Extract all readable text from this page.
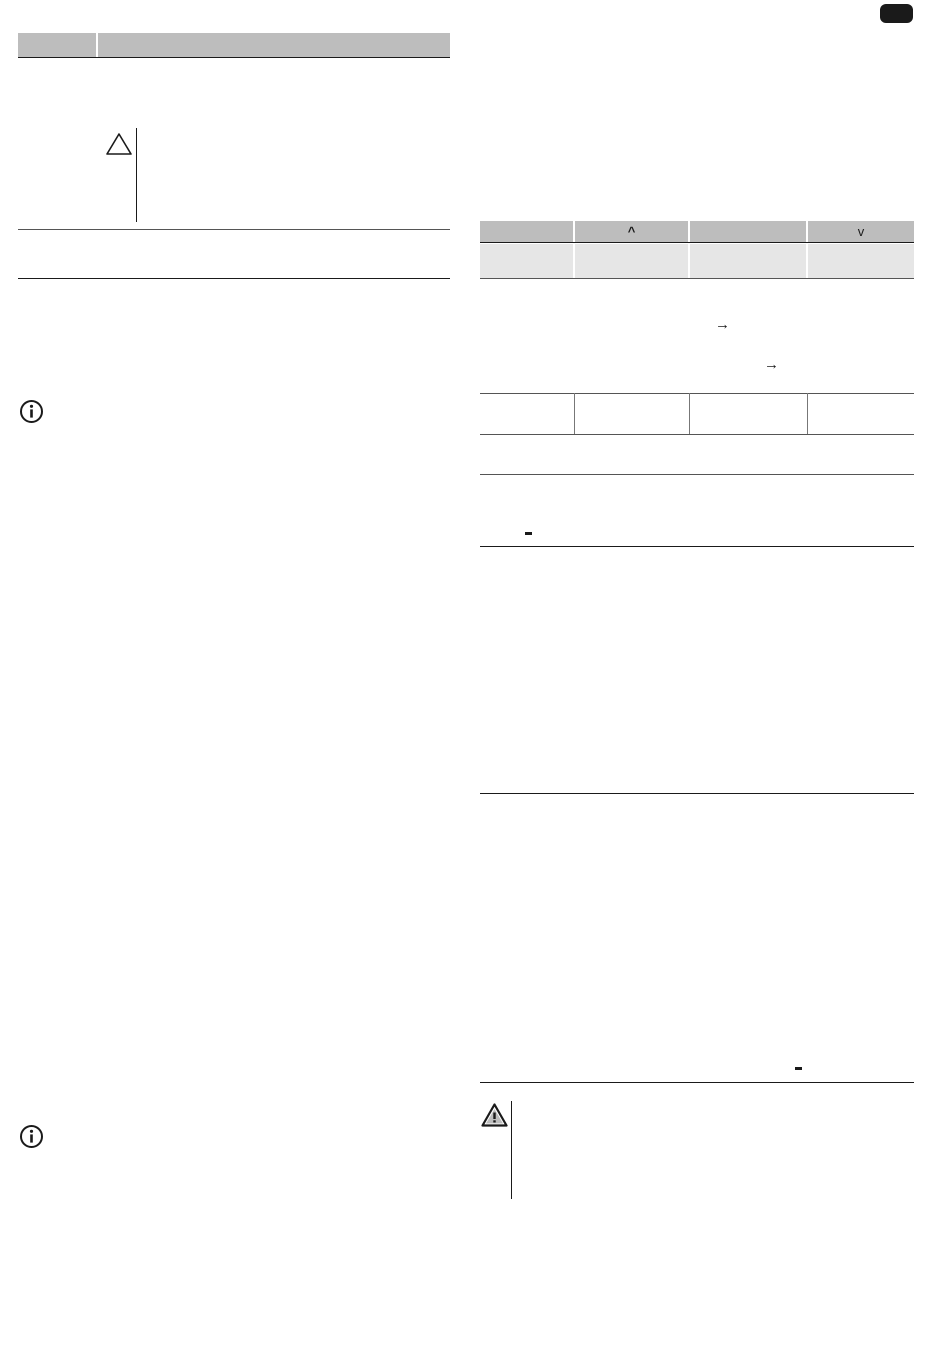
^	v
→
→
